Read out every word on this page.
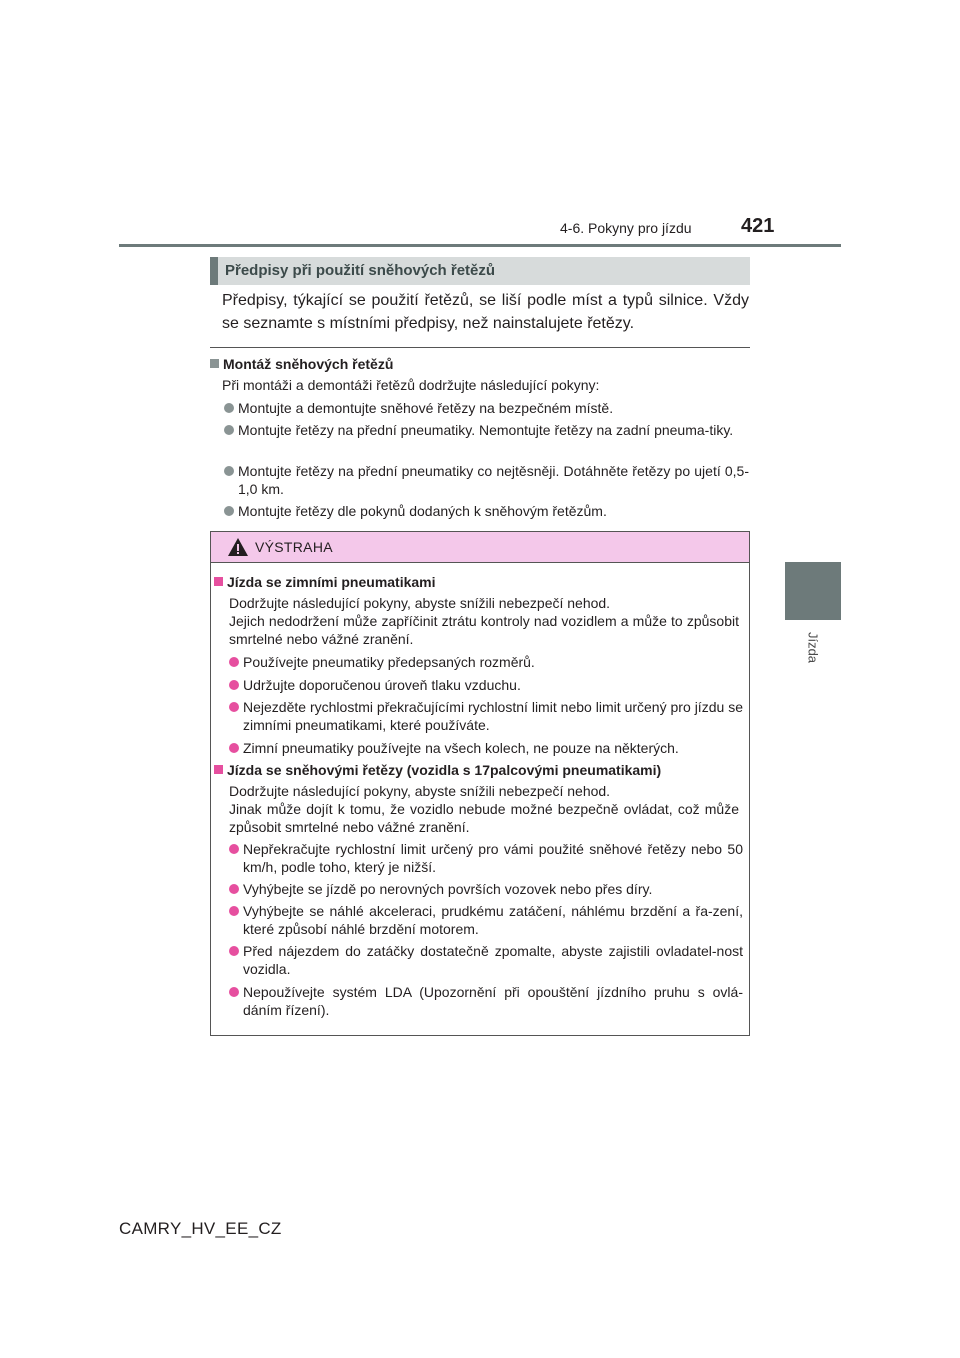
4-6. Pokyny pro jízdu 421
4
Jízda
Předpisy při použití sněhových řetězů
Předpisy, týkající se použití řetězů, se liší podle míst a typů silnice. Vždy se seznamte s místními předpisy, než nainstalujete řetězy.
Montáž sněhových řetězů
Při montáži a demontáži řetězů dodržujte následující pokyny:
Montujte a demontujte sněhové řetězy na bezpečném místě.
Montujte řetězy na přední pneumatiky. Nemontujte řetězy na zadní pneuma-tiky.
Montujte řetězy na přední pneumatiky co nejtěsněji. Dotáhněte řetězy po ujetí 0,5-1,0 km.
Montujte řetězy dle pokynů dodaných k sněhovým řetězům.
VÝSTRAHA
Jízda se zimními pneumatikami
Dodržujte následující pokyny, abyste snížili nebezpečí nehod.
Jejich nedodržení může zapříčinit ztrátu kontroly nad vozidlem a může to způsobit smrtelné nebo vážné zranění.
Používejte pneumatiky předepsaných rozměrů.
Udržujte doporučenou úroveň tlaku vzduchu.
Nejezděte rychlostmi překračujícími rychlostní limit nebo limit určený pro jízdu se zimními pneumatikami, které používáte.
Zimní pneumatiky používejte na všech kolech, ne pouze na některých.
Jízda se sněhovými řetězy (vozidla s 17palcovými pneumatikami)
Dodržujte následující pokyny, abyste snížili nebezpečí nehod.
Jinak může dojít k tomu, že vozidlo nebude možné bezpečně ovládat, což může způsobit smrtelné nebo vážné zranění.
Nepřekračujte rychlostní limit určený pro vámi použité sněhové řetězy nebo 50 km/h, podle toho, který je nižší.
Vyhýbejte se jízdě po nerovných površích vozovek nebo přes díry.
Vyhýbejte se náhlé akceleraci, prudkému zatáčení, náhlému brzdění a řa-zení, které způsobí náhlé brzdění motorem.
Před nájezdem do zatáčky dostatečně zpomalte, abyste zajistili ovladatel-nost vozidla.
Nepoužívejte systém LDA (Upozornění při opouštění jízdního pruhu s ovlá-dáním řízení).
CAMRY_HV_EE_CZ
